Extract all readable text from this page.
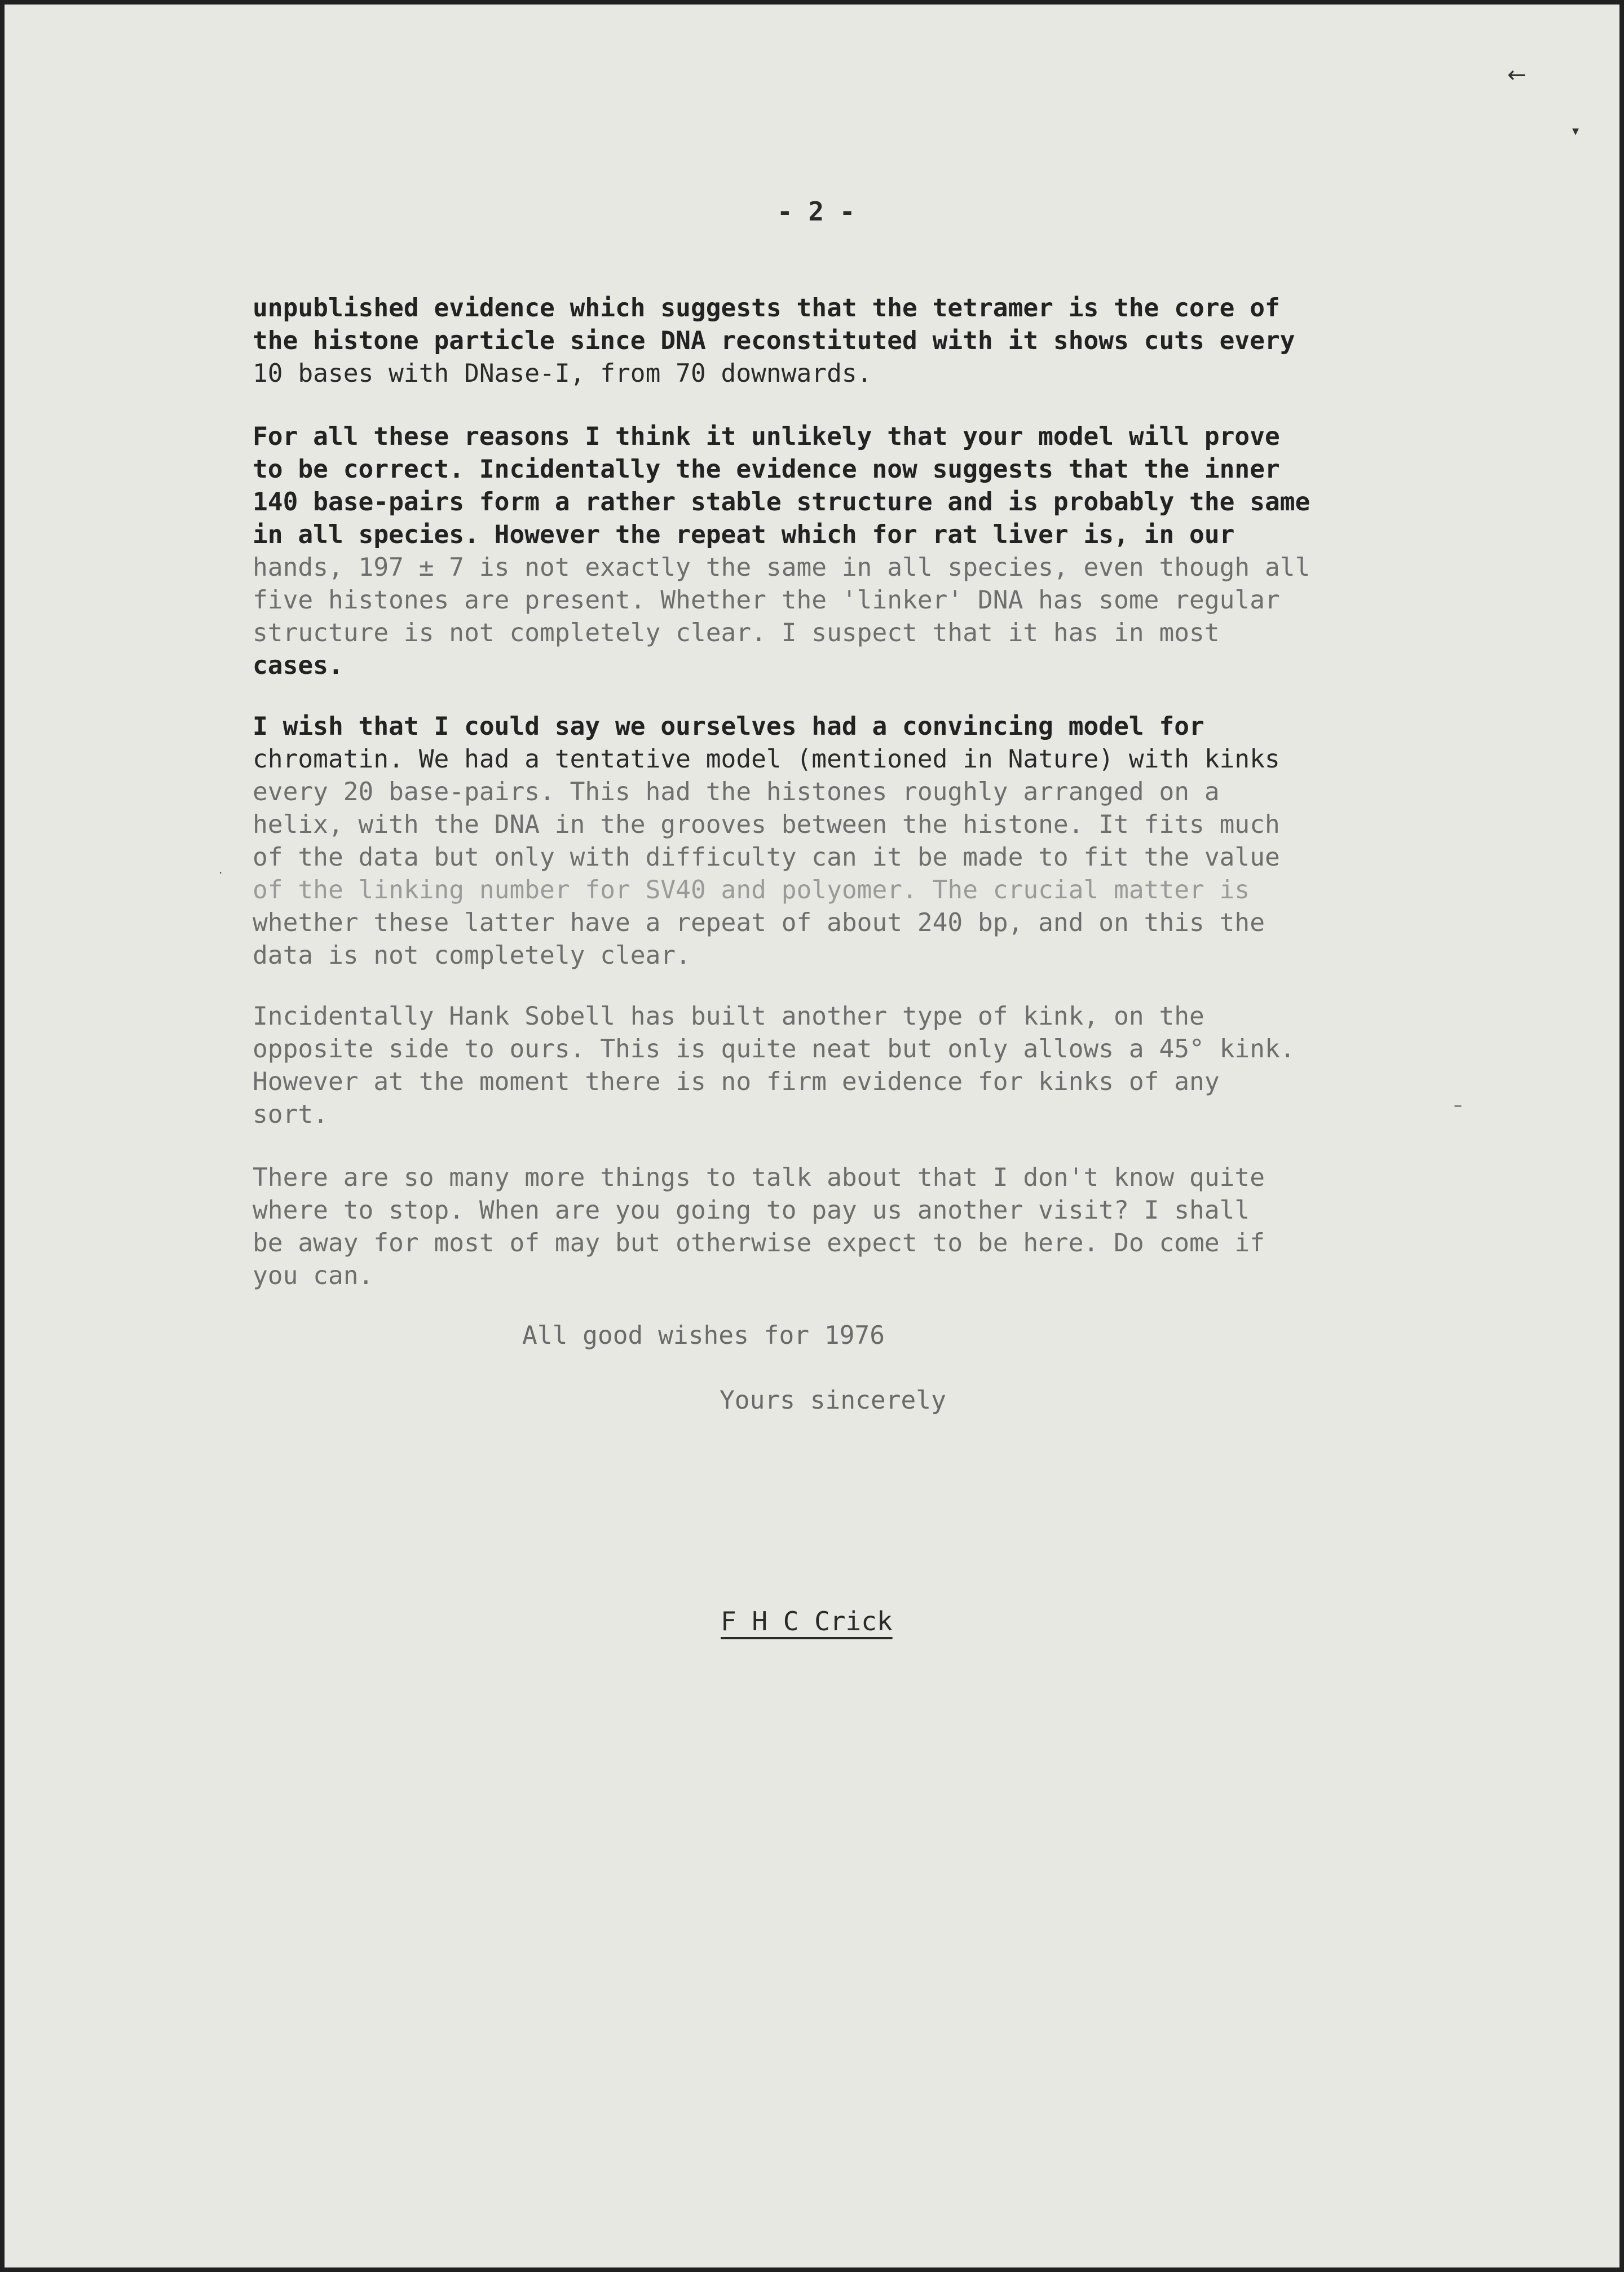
←
▾
·
–
- 2 -
unpublished evidence which suggests that the tetramer is the core of
the histone particle since DNA reconstituted with it shows cuts every
10 bases with DNase-I, from 70 downwards.
For all these reasons I think it unlikely that your model will prove
to be correct. Incidentally the evidence now suggests that the inner
140 base-pairs form a rather stable structure and is probably the same
in all species. However the repeat which for rat liver is, in our
hands, 197 ± 7 is not exactly the same in all species, even though all
five histones are present. Whether the 'linker' DNA has some regular
structure is not completely clear. I suspect that it has in most
cases.
I wish that I could say we ourselves had a convincing model for
chromatin. We had a tentative model (mentioned in Nature) with kinks
every 20 base-pairs. This had the histones roughly arranged on a
helix, with the DNA in the grooves between the histone. It fits much
of the data but only with difficulty can it be made to fit the value
of the linking number for SV40 and polyomer. The crucial matter is
whether these latter have a repeat of about 240 bp, and on this the
data is not completely clear.
Incidentally Hank Sobell has built another type of kink, on the
opposite side to ours. This is quite neat but only allows a 45° kink.
However at the moment there is no firm evidence for kinks of any
sort.
There are so many more things to talk about that I don't know quite
where to stop. When are you going to pay us another visit? I shall
be away for most of may but otherwise expect to be here. Do come if
you can.
All good wishes for 1976
Yours sincerely
F H C Crick
